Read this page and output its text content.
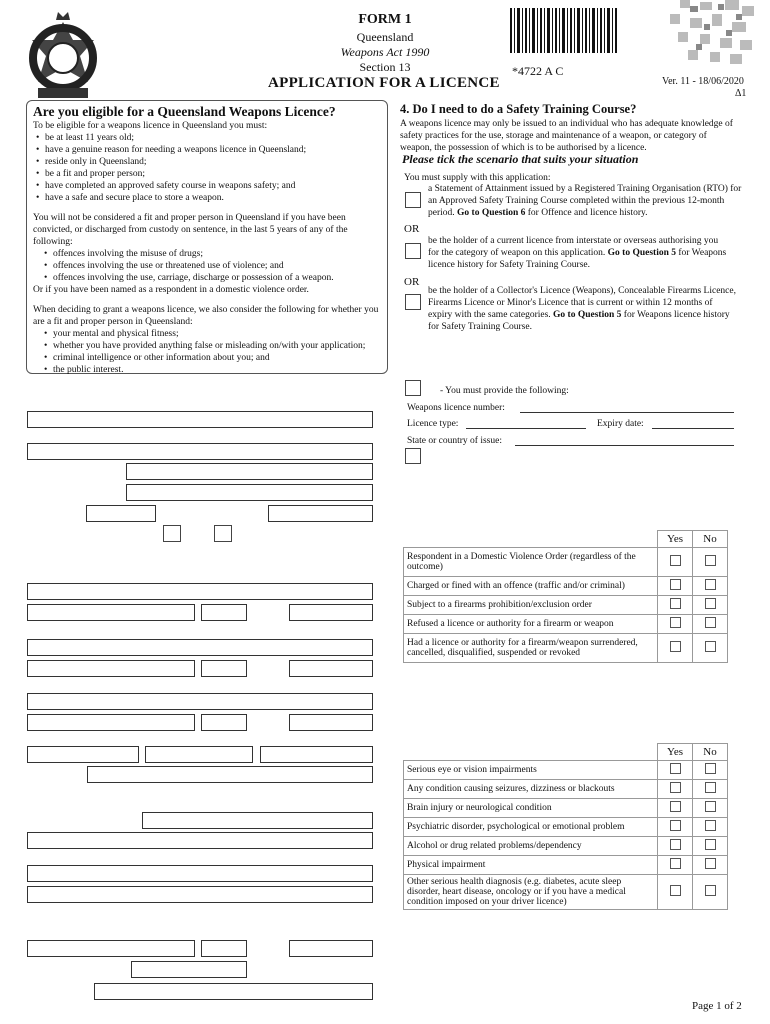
FORM 1
Queensland
Weapons Act 1990
Section 13
APPLICATION FOR A LICENCE
*4722 A C
Ver. 11 - 18/06/2020
Δ1
Are you eligible for a Queensland Weapons Licence?
To be eligible for a weapons licence in Queensland you must:
• be at least 11 years old;
• have a genuine reason for needing a weapons licence in Queensland;
• reside only in Queensland;
• be a fit and proper person;
• have completed an approved safety course in weapons safety; and
• have a safe and secure place to store a weapon.
You will not be considered a fit and proper person in Queensland if you have been convicted, or discharged from custody on sentence, in the last 5 years of any of the following:
• offences involving the misuse of drugs;
• offences involving the use or threatened use of violence; and
• offences involving the use, carriage, discharge or possession of a weapon.
Or if you have been named as a respondent in a domestic violence order.
When deciding to grant a weapons licence, we also consider the following for whether you are a fit and proper person in Queensland:
• your mental and physical fitness;
• whether you have provided anything false or misleading on/with your application;
• criminal intelligence or other information about you; and
• the public interest.
4. Do I need to do a Safety Training Course?
A weapons licence may only be issued to an individual who has adequate knowledge of safety practices for the use, storage and maintenance of a weapon, or category of weapon, the possession of which is to be authorised by a licence.
Please tick the scenario that suits your situation
You must supply with this application:
a Statement of Attainment issued by a Registered Training Organisation (RTO) for an Approved Safety Training Course completed within the previous 12-month period. Go to Question 6 for Offence and licence history.
OR
be the holder of a current licence from interstate or overseas authorising you for the category of weapon on this application. Go to Question 5 for Weapons licence history for Safety Training Course.
OR
be the holder of a Collector's Licence (Weapons), Concealable Firearms Licence, Firearms Licence or Minor's Licence that is current or within 12 months of expiry with the same categories. Go to Question 5 for Weapons licence history for Safety Training Course.
- You must provide the following:
Weapons licence number:
Licence type:	Expiry date:
State or country of issue:
	Yes	No
Respondent in a Domestic Violence Order (regardless of the outcome)		
Charged or fined with an offence (traffic and/or criminal)		
Subject to a firearms prohibition/exclusion order		
Refused a licence or authority for a firearm or weapon		
Had a licence or authority for a firearm/weapon surrendered, cancelled, disqualified, suspended or revoked		
	Yes	No
Serious eye or vision impairments		
Any condition causing seizures, dizziness or blackouts		
Brain injury or neurological condition		
Psychiatric disorder, psychological or emotional problem		
Alcohol or drug related problems/dependency		
Physical impairment		
Other serious health diagnosis (e.g. diabetes, acute sleep disorder, heart disease, oncology or if you have a medical condition imposed on your driver licence)		
Page 1 of 2
